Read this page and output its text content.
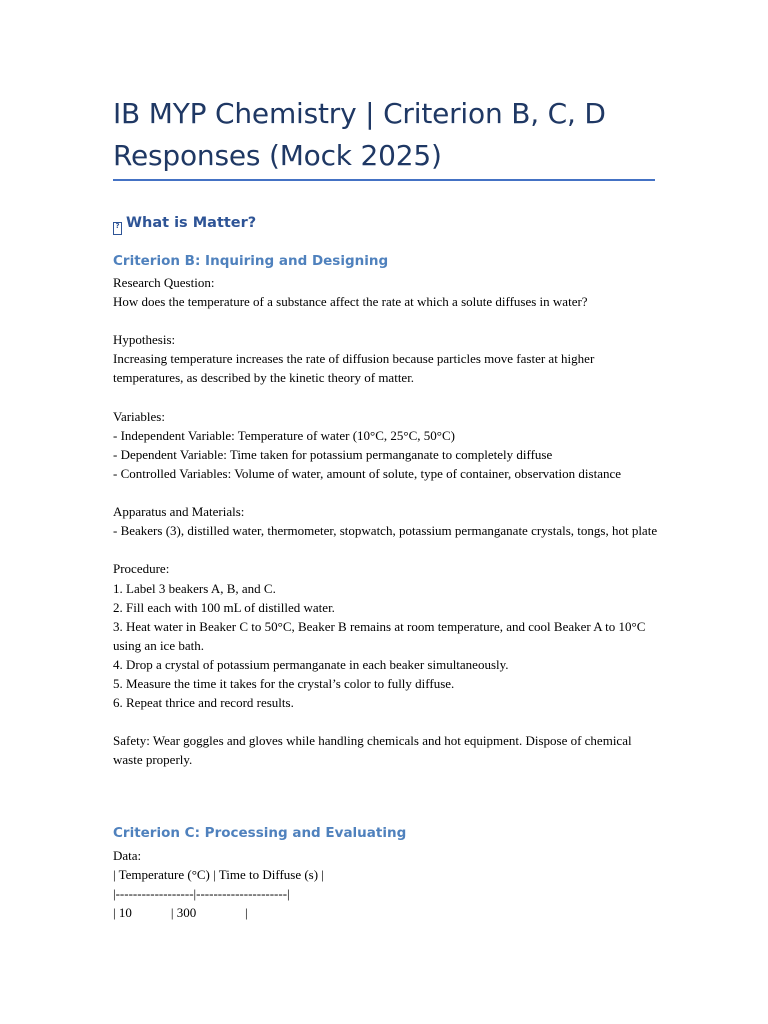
IB MYP Chemistry | Criterion B, C, D Responses (Mock 2025)
? What is Matter?
Criterion B: Inquiring and Designing

Research Question:

How does the temperature of a substance affect the rate at which a solute diffuses in water?

Hypothesis:

Increasing temperature increases the rate of diffusion because particles move faster at higher temperatures, as described by the kinetic theory of matter.

Variables:

- Independent Variable: Temperature of water (10°C, 25°C, 50°C)

- Dependent Variable: Time taken for potassium permanganate to completely diffuse

- Controlled Variables: Volume of water, amount of solute, type of container, observation distance

Apparatus and Materials:

- Beakers (3), distilled water, thermometer, stopwatch, potassium permanganate crystals, tongs, hot plate

Procedure:

1. Label 3 beakers A, B, and C.

2. Fill each with 100 mL of distilled water.

3. Heat water in Beaker C to 50°C, Beaker B remains at room temperature, and cool Beaker A to 10°C using an ice bath.

4. Drop a crystal of potassium permanganate in each beaker simultaneously.

5. Measure the time it takes for the crystal’s color to fully diffuse.

6. Repeat thrice and record results.

Safety: Wear goggles and gloves while handling chemicals and hot equipment. Dispose of chemical waste properly.

Criterion C: Processing and Evaluating

Data:

| Temperature (°C) | Time to Diffuse (s) |

|------------------|---------------------|

| 10            | 300               |
